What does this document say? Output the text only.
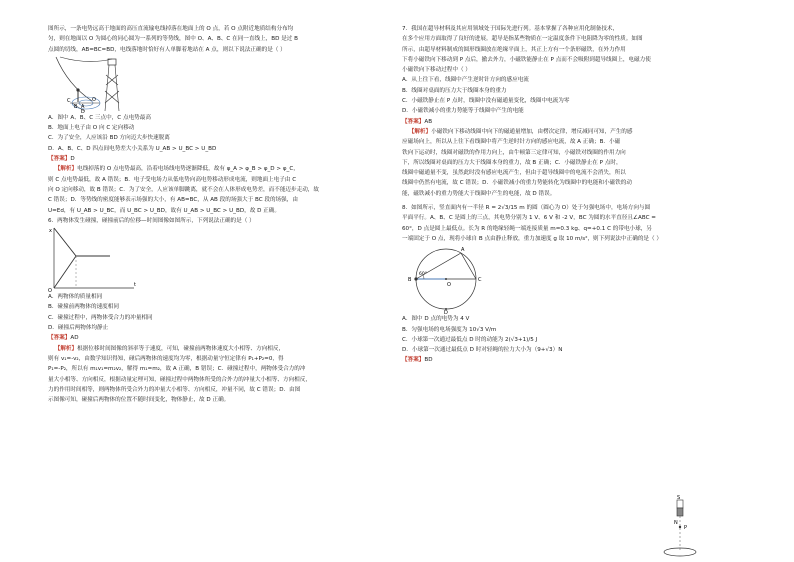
图所示，一条电势远高于地面的高压直流输电线掉落在地面上的 O 点，若 O 点附近地质结构分布均

匀，则在地面以 O 为圆心的同心圆为一系列的等势线，图中 O、A、B、C 在同一直线上，BD 是过 B

点圆的切线，AB=BC=BD，电线落地时恰好有人单脚着地站在 A 点，则以下说法正确的是（ ）

C
B A
D
O

A．图中 A、B、C 三点中，C 点电势最高

B．地面上电子由 O 向 C 定向移动

C．为了安全，人应该沿 BD 方向迈大步快速脱离

D．A、B、C、D 四点间电势差大小关系为 U_AB > U_BC > U_BD

【答案】D

【解析】电线掉落的 O 点电势最高，沿着电场线电势逐渐降低，故有 φ_A > φ_B > φ_D > φ_C，

则 C 点电势最低，故 A 错误；B．电子受电场力从低电势向高电势移动形成电流，则地面上电子由 C

向 O 定向移动，故 B 错误；C．为了安全，人应该单脚跳离，就不会在人体形成电势差，而不能迈步走动，故

C 错误；D．等势线的密度能够表示场强的大小，有 AB=BC，从 AB 段的场强大于 BC 段的场强，由

U=Ed，有 U_AB > U_BC，而 U_BC > U_BD，故有 U_AB > U_BC > U_BD，故 D 正确。

6．两物体发生碰撞，碰撞前后的位移—时间图像如图所示，下列说法正确的是（ ）

x
t
O

A．两物体的质量相同

B．碰撞前两物体的速度相同

C．碰撞过程中，两物体受合力的冲量相同

D．碰撞后两物体均静止

【答案】AD

【解析】根据位移时间图像的斜率等于速度，可知，碰撞前两物体速度大小相等、方向相反，

则有 v₁=-v₂，由数学知识得知，碰后两物体的速度均为零，根据动量守恒定律有 P₁+P₂=0，得

P₁=-P₂，所以有 m₁v₁=m₂v₂，解得 m₁=m₂，故 A 正确，B 错误；C．碰撞过程中，两物体受合力的冲

量大小相等、方向相反，根据动量定理可知，碰撞过程中两物体所受的合外力的冲量大小相等、方向相反，

力的作用时间相等，则两物体所受合外力的冲量大小相等、方向相反，冲量不同，故 C 错误；D．由图

示图像可知，碰撞后两物体的位置不随时间变化，物体静止，故 D 正确。

7．我国在超导材料及其应用领域处于国际先进行列。基本掌握了各种应用化制备技术，

在多个应用方面取得了良好的进展。超导是指某些物质在一定温度条件下电阻降为零的性质。如图

所示，由超导材料制成的圆形线圈放在绝缘平面上，其正上方有一个条形磁铁，在外力作用

下将小磁铁向下移动到 P 点后，撤去外力，小磁铁能静止在 P 点而不会吸附到超导线圈上，电磁力使

小磁铁向下移动过程中（ ）

A．从上往下看，线圈中产生逆时针方向的感应电流

B．线圈对桌面的压力大于线圈本身的重力

C．小磁铁静止在 P 点时，线圈中没有磁通量变化，线圈中电流为零

D．小磁铁减小的重力势能等于线圈中产生的电能

【答案】AB

【解析】小磁铁向下移动线圈中向下的磁通量增加，由楞次定律，增反减同可知，产生的感

应磁场向上，所以从上往下看线圈中将产生逆时针方向的感应电流，故 A 正确；B．小磁

铁向下运动时，线圈对磁铁的作用力向上，由牛顿第三定律可知，小磁铁对线圈的作用力向

下，所以线圈对桌面的压力大于线圈本身的重力，故 B 正确；C．小磁铁静止在 P 点时，

线圈中磁通量不变，虽然此时没有感应电流产生，但由于超导线圈中的电流不会消失，所以

线圈中仍然有电流，故 C 错误；D．小磁铁减小的重力势能转化为线圈中的电能和小磁铁的动

能，磁铁减小的重力势能大于线圈中产生的电能，故 D 错误。

8．如图所示，竖直面内有一半径 R = 2√3/15 m 的圆（圆心为 O）处于匀强电场中，电场方向与圆

平面平行。A、B、C 是圆上的三点，其电势分别为 1 V、6 V 和 -2 V，BC 为圆的水平直径且∠ABC =

60°，D 点是圆上最低点。长为 R 的绝缘轻绳一端连接质量 m=0.3 kg、q=+0.1 C 的带电小球，另

一端固定于 O 点，现将小球自 B 点由静止释放，重力加速度 g 取 10 m/s²，则下列说法中正确的是（ ）

A
B	C
O
D
60°

A．图中 D 点的电势为 4 V

B．匀强电场的电场强度为 10√3 V/m

C．小球第一次通过最低点 D 时的动能为 2(√3+1)/5 J

D．小球第一次通过最低点 D 时对轻绳的拉力大小为（9+√3）N

【答案】BD

S
N
P
